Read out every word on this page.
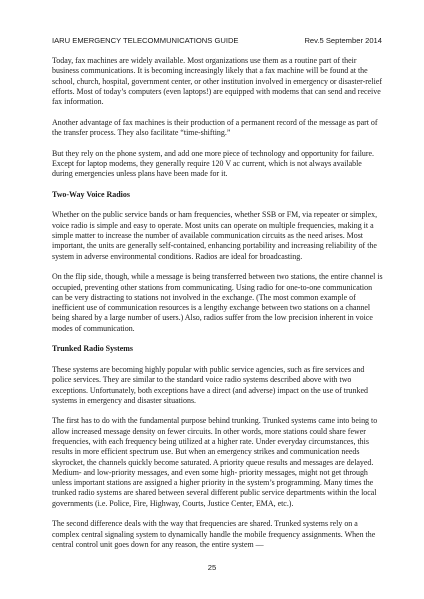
IARU EMERGENCY TELECOMMUNICATIONS GUIDE	Rev.5 September 2014

Today, fax machines are widely available. Most organizations use them as a routine part of their business communications. It is becoming increasingly likely that a fax machine will be found at the school, church, hospital, government center, or other institution involved in emergency or disaster-relief efforts. Most of today’s computers (even laptops!) are equipped with modems that can send and receive fax information.

Another advantage of fax machines is their production of a permanent record of the message as part of the transfer process. They also facilitate “time-shifting.”

But they rely on the phone system, and add one more piece of technology and opportunity for failure. Except for laptop modems, they generally require 120 V ac current, which is not always available during emergencies unless plans have been made for it.

Two-Way Voice Radios

Whether on the public service bands or ham frequencies, whether SSB or FM, via repeater or simplex, voice radio is simple and easy to operate. Most units can operate on multiple frequencies, making it a simple matter to increase the number of available communication circuits as the need arises. Most important, the units are generally self-contained, enhancing portability and increasing reliability of the system in adverse environmental conditions. Radios are ideal for broadcasting.

On the flip side, though, while a message is being transferred between two stations, the entire channel is occupied, preventing other stations from communicating. Using radio for one-to-one communication can be very distracting to stations not involved in the exchange. (The most common example of inefficient use of communication resources is a lengthy exchange between two stations on a channel being shared by a large number of users.) Also, radios suffer from the low precision inherent in voice modes of communication.

Trunked Radio Systems

These systems are becoming highly popular with public service agencies, such as fire services and police services. They are similar to the standard voice radio systems described above with two exceptions. Unfortunately, both exceptions have a direct (and adverse) impact on the use of trunked systems in emergency and disaster situations.

The first has to do with the fundamental purpose behind trunking. Trunked systems came into being to allow increased message density on fewer circuits. In other words, more stations could share fewer frequencies, with each frequency being utilized at a higher rate. Under everyday circumstances, this results in more efficient spectrum use. But when an emergency strikes and communication needs skyrocket, the channels quickly become saturated. A priority queue results and messages are delayed. Medium- and low-priority messages, and even some high- priority messages, might not get through unless important stations are assigned a higher priority in the system’s programming. Many times the trunked radio systems are shared between several different public service departments within the local governments (i.e. Police, Fire, Highway, Courts, Justice Center, EMA, etc.).

The second difference deals with the way that frequencies are shared. Trunked systems rely on a complex central signaling system to dynamically handle the mobile frequency assignments. When the central control unit goes down for any reason, the entire system —

25
